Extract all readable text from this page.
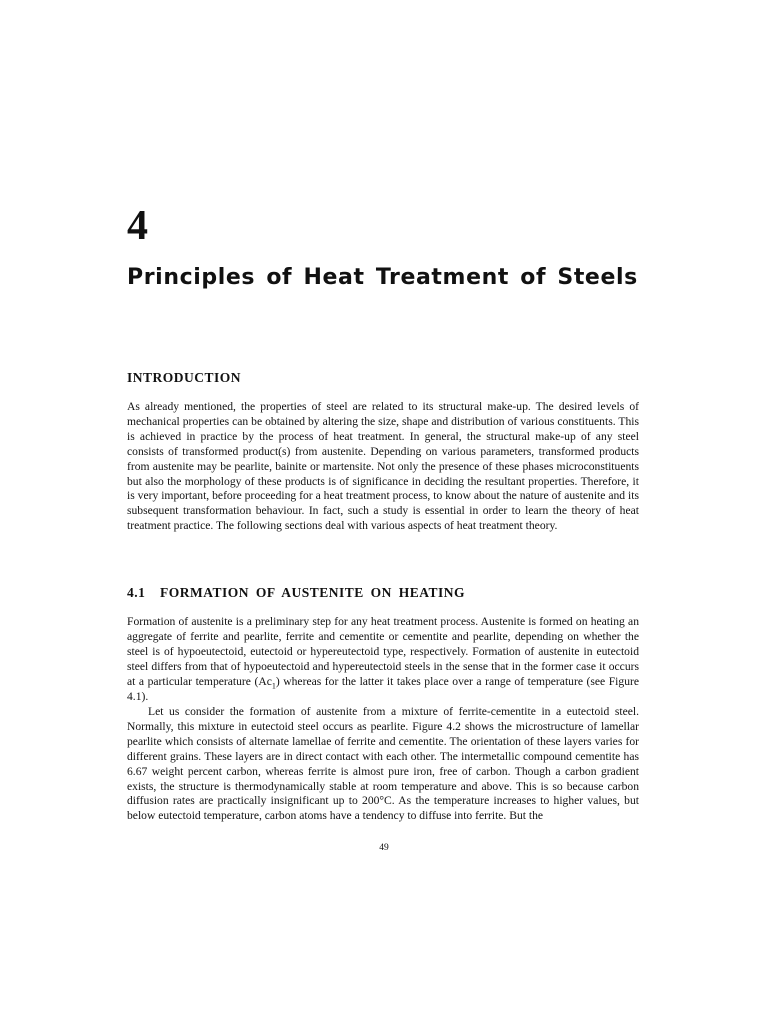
4
Principles of Heat Treatment of Steels
INTRODUCTION

As already mentioned, the properties of steel are related to its structural make-up. The desired levels of mechanical properties can be obtained by altering the size, shape and distribution of various constituents. This is achieved in practice by the process of heat treatment. In general, the structural make-up of any steel consists of transformed product(s) from austenite. Depending on various parameters, transformed products from austenite may be pearlite, bainite or martensite. Not only the presence of these phases microconstituents but also the morphology of these products is of significance in deciding the resultant properties. Therefore, it is very important, before proceeding for a heat treatment process, to know about the nature of austenite and its subsequent transformation behaviour. In fact, such a study is essential in order to learn the theory of heat treatment practice. The following sections deal with various aspects of heat treatment theory.

4.1 FORMATION OF AUSTENITE ON HEATING

Formation of austenite is a preliminary step for any heat treatment process. Austenite is formed on heating an aggregate of ferrite and pearlite, ferrite and cementite or cementite and pearlite, depending on whether the steel is of hypoeutectoid, eutectoid or hypereutectoid type, respectively. Formation of austenite in eutectoid steel differs from that of hypoeutectoid and hypereutectoid steels in the sense that in the former case it occurs at a particular temperature $(Ac_1)$ whereas for the latter it takes place over a range of temperature (see Figure 4.1).

Let us consider the formation of austenite from a mixture of ferrite-cementite in a eutectoid steel. Normally, this mixture in eutectoid steel occurs as pearlite. Figure 4.2 shows the microstructure of lamellar pearlite which consists of alternate lamellae of ferrite and cementite. The orientation of these layers varies for different grains. These layers are in direct contact with each other. The intermetallic compound cementite has 6.67 weight percent carbon, whereas ferrite is almost pure iron, free of carbon. Though a carbon gradient exists, the structure is thermodynamically stable at room temperature and above. This is so because carbon diffusion rates are practically insignificant up to 200°C. As the temperature increases to higher values, but below eutectoid temperature, carbon atoms have a tendency to diffuse into ferrite. But the

49
